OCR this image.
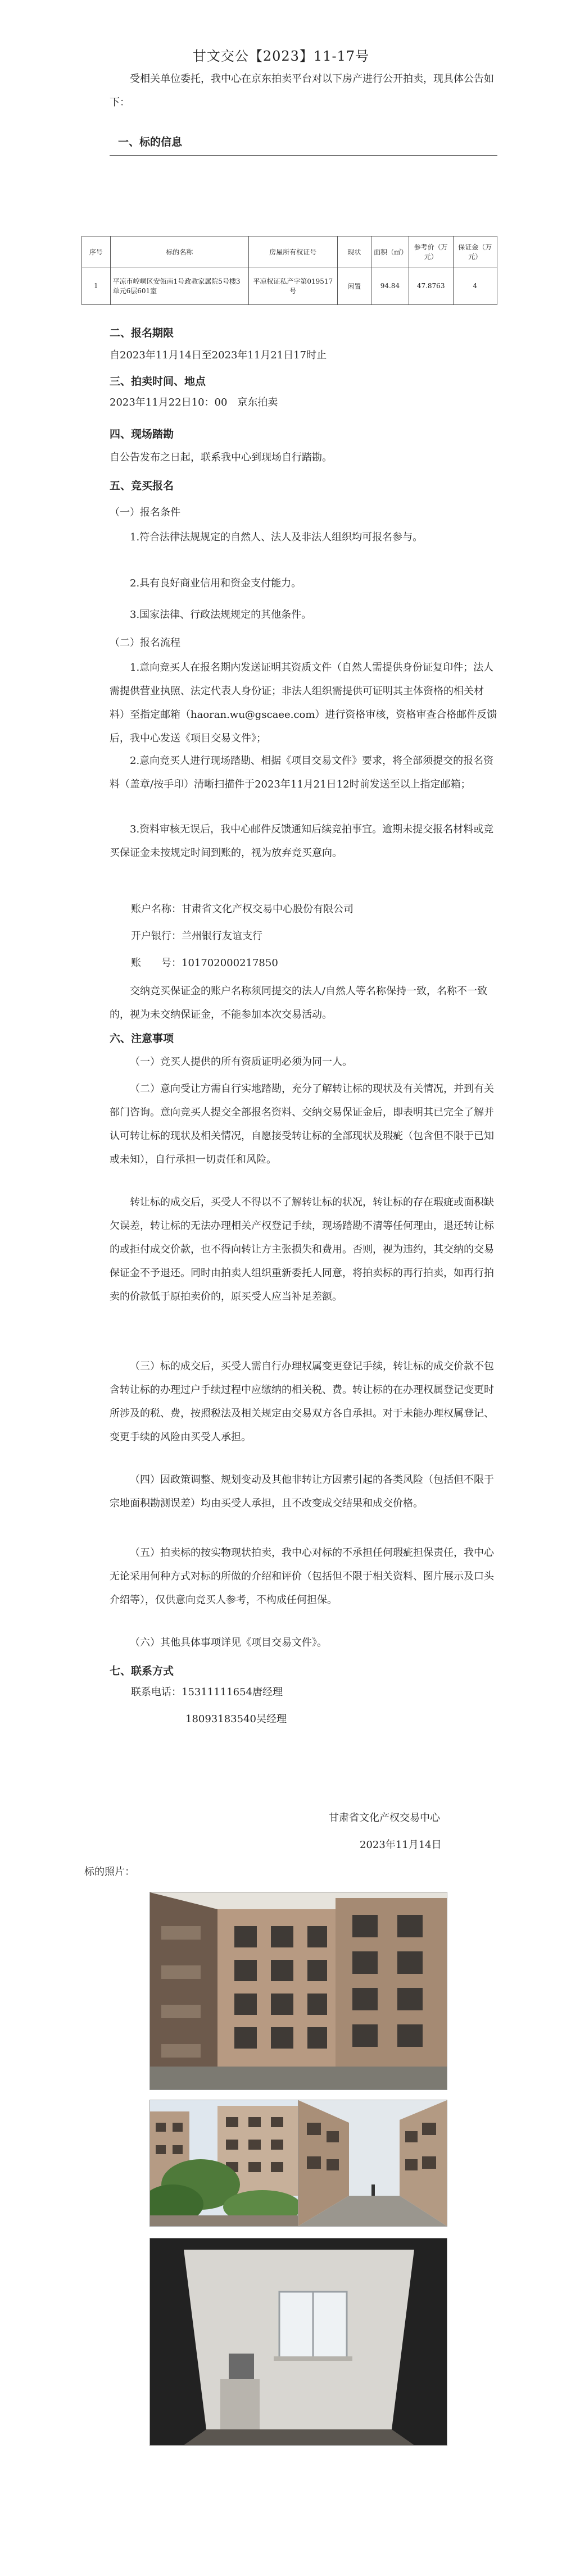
甘文交公【2023】11-17号

受相关单位委托，我中心在京东拍卖平台对以下房产进行公开拍卖，现具体公告如下：

一、标的信息
序号	标的名称	房屋所有权证号	现状	面积（㎡）	参考价（万元）	保证金（万元）
1	平凉市崆峒区安瓴南1号政教家属院5号楼3单元6层601室	平凉权证私产字第019517号	闲置	94.84	47.8763	4
二、报名期限
自2023年11月14日至2023年11月21日17时止
三、拍卖时间、地点
2023年11月22日10：00　京东拍卖
四、现场踏勘
自公告发布之日起，联系我中心到现场自行踏勘。
五、竞买报名
（一）报名条件

1.符合法律法规规定的自然人、法人及非法人组织均可报名参与。

2.具有良好商业信用和资金支付能力。

3.国家法律、行政法规规定的其他条件。

（二）报名流程

1.意向竞买人在报名期内发送证明其资质文件（自然人需提供身份证复印件；法人需提供营业执照、法定代表人身份证；非法人组织需提供可证明其主体资格的相关材料）至指定邮箱（haoran.wu@gscaee.com）进行资格审核，资格审查合格邮件反馈后，我中心发送《项目交易文件》；

2.意向竞买人进行现场踏勘、相据《项目交易文件》要求，将全部须提交的报名资料（盖章/按手印）清晰扫描件于2023年11月21日12时前发送至以上指定邮箱；

3.资料审核无误后，我中心邮件反馈通知后续竞拍事宜。逾期未提交报名材料或竞买保证金未按规定时间到账的，视为放弃竞买意向。

账户名称：甘肃省文化产权交易中心股份有限公司
开户银行：兰州银行友谊支行
账　　号：101702000217850

交纳竞买保证金的账户名称须同提交的法人/自然人等名称保持一致，名称不一致的，视为未交纳保证金，不能参加本次交易活动。

六、注意事项

（一）竞买人提供的所有资质证明必须为同一人。

（二）意向受让方需自行实地踏勘，充分了解转让标的现状及有关情况，并到有关部门咨询。意向竞买人提交全部报名资料、交纳交易保证金后，即表明其已完全了解并认可转让标的现状及相关情况，自愿接受转让标的全部现状及瑕疵（包含但不限于已知或未知），自行承担一切责任和风险。

转让标的成交后，买受人不得以不了解转让标的状况，转让标的存在瑕疵或面积缺欠误差，转让标的无法办理相关产权登记手续，现场踏勘不清等任何理由，退还转让标的或拒付成交价款，也不得向转让方主张损失和费用。否则，视为违约，其交纳的交易保证金不予退还。同时由拍卖人组织重新委托人同意，将拍卖标的再行拍卖，如再行拍卖的价款低于原拍卖价的，原买受人应当补足差额。

（三）标的成交后，买受人需自行办理权属变更登记手续，转让标的成交价款不包含转让标的办理过户手续过程中应缴纳的相关税、费。转让标的在办理权属登记变更时所涉及的税、费，按照税法及相关规定由交易双方各自承担。对于未能办理权属登记、变更手续的风险由买受人承担。

（四）因政策调整、规划变动及其他非转让方因素引起的各类风险（包括但不限于宗地面积勘测误差）均由买受人承担，且不改变成交结果和成交价格。

（五）拍卖标的按实物现状拍卖，我中心对标的不承担任何瑕疵担保责任，我中心无论采用何种方式对标的所做的介绍和评价（包括但不限于相关资料、图片展示及口头介绍等），仅供意向竞买人参考，不构成任何担保。

（六）其他具体事项详见《项目交易文件》。

七、联系方式
联系电话：15311111654唐经理
18093183540吴经理
甘肃省文化产权交易中心
2023年11月14日
标的照片：
